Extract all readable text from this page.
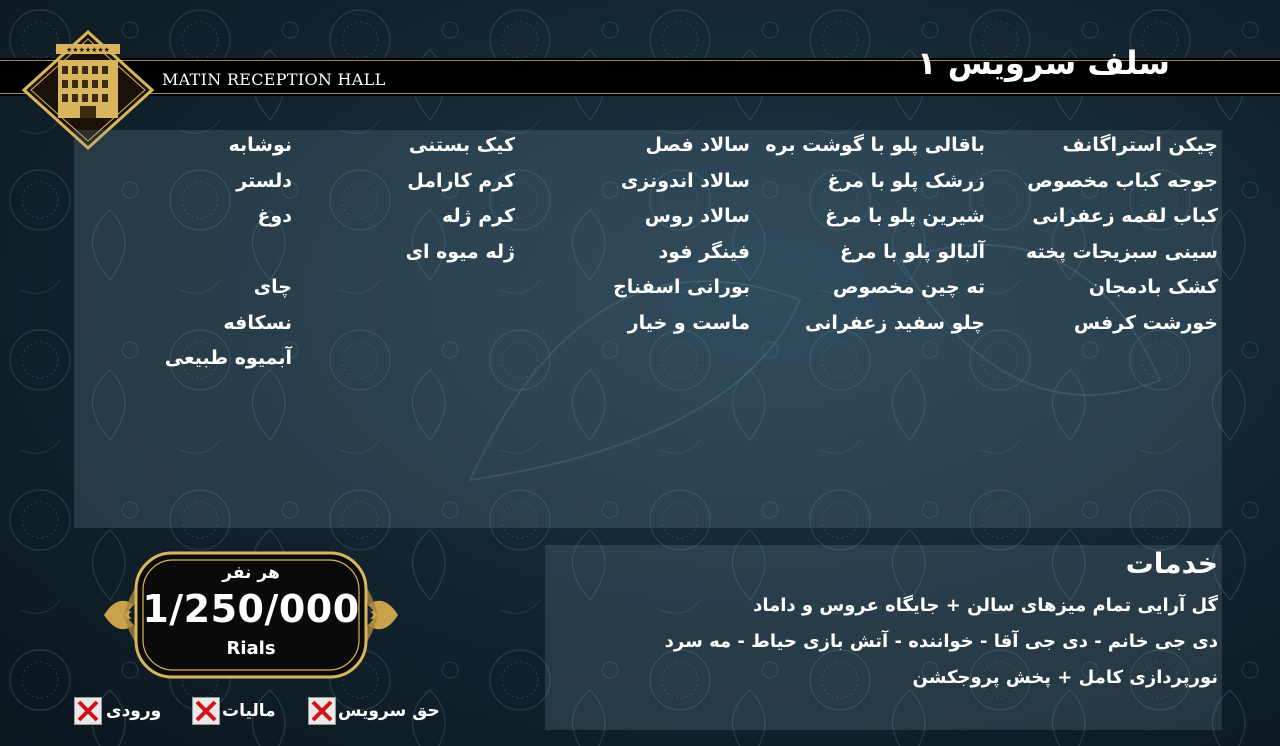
★★★★★★★
MATIN RECEPTION HALL	سلف سرویس ۱
چیکن استراگانف
جوجه کباب مخصوص
کباب لقمه زعفرانی
سینی سبزیجات پخته
کشک بادمجان
خورشت کرفس
باقالی پلو با گوشت بره
زرشک پلو با مرغ
شیرین پلو با مرغ
آلبالو پلو با مرغ
ته چین مخصوص
چلو سفید زعفرانی
سالاد فصل
سالاد اندونزی
سالاد روس
فینگر فود
بورانی اسفناج
ماست و خیار
کیک بستنی
کرم کارامل
کرم ژله
ژله میوه ای
نوشابه
دلستر
دوغ
چای
نسکافه
آبمیوه طبیعی
خدمات
گل آرایی تمام میزهای سالن + جایگاه عروس و داماد
دی جی خانم - دی جی آقا - خواننده - آتش بازی حیاط - مه سرد
نورپردازی کامل + پخش پروجکشن
هر نفر
1/250/000
Rials
حق سرویس
مالیات
ورودی
